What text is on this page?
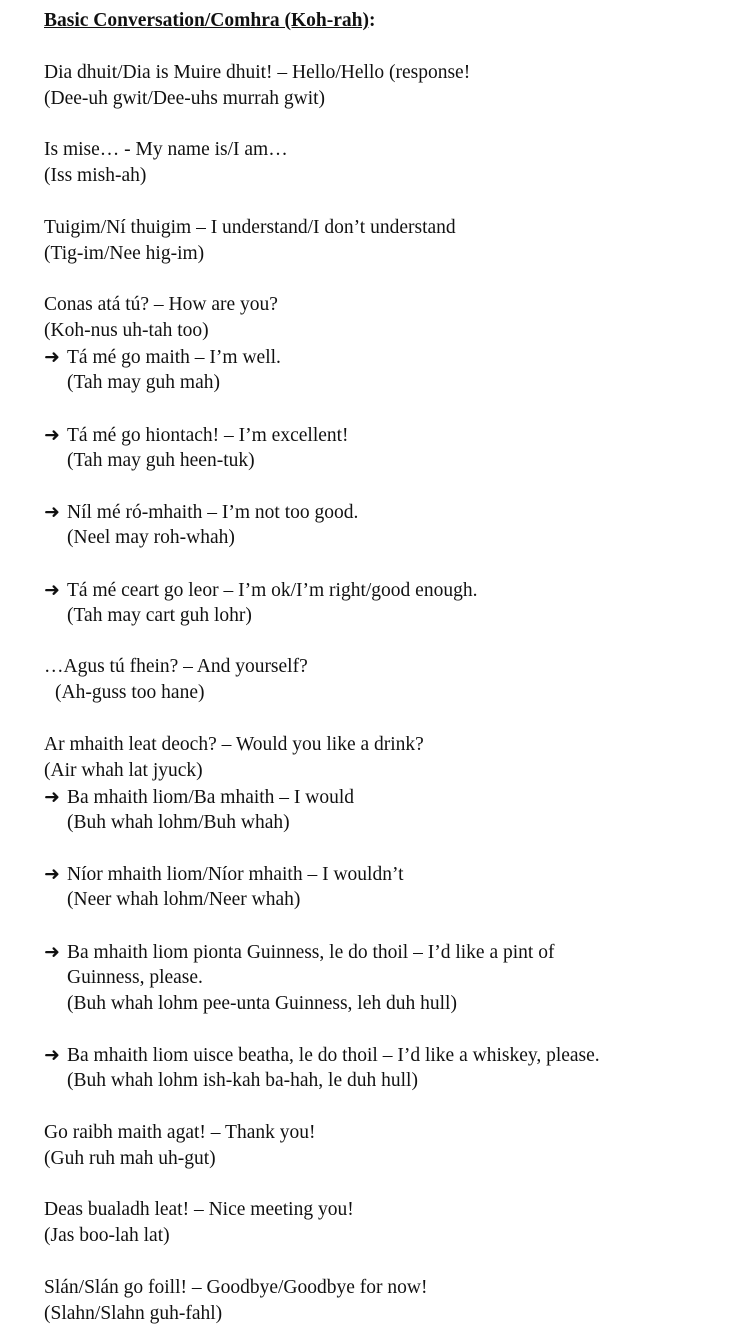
Basic Conversation/Comhra (Koh-rah):
Dia dhuit/Dia is Muire dhuit! – Hello/Hello (response!
(Dee-uh gwit/Dee-uhs murrah gwit)
Is mise… - My name is/I am…
(Iss mish-ah)
Tuigim/Ní thuigim – I understand/I don’t understand
(Tig-im/Nee hig-im)
Conas atá tú? – How are you?
(Koh-nus uh-tah too)
➜ Tá mé go maith – I’m well.
(Tah may guh mah)
➜ Tá mé go hiontach! – I’m excellent!
(Tah may guh heen-tuk)
➜ Níl mé ró-mhaith – I’m not too good.
(Neel may roh-whah)
➜ Tá mé ceart go leor – I’m ok/I’m right/good enough.
(Tah may cart guh lohr)
…Agus tú fhein? – And yourself?
(Ah-guss too hane)
Ar mhaith leat deoch? – Would you like a drink?
(Air whah lat jyuck)
➜ Ba mhaith liom/Ba mhaith – I would
(Buh whah lohm/Buh whah)
➜ Níor mhaith liom/Níor mhaith – I wouldn’t
(Neer whah lohm/Neer whah)
➜ Ba mhaith liom pionta Guinness, le do thoil – I’d like a pint of
Guinness, please.
(Buh whah lohm pee-unta Guinness, leh duh hull)
➜ Ba mhaith liom uisce beatha, le do thoil – I’d like a whiskey, please.
(Buh whah lohm ish-kah ba-hah, le duh hull)
Go raibh maith agat! – Thank you!
(Guh ruh mah uh-gut)
Deas bualadh leat! – Nice meeting you!
(Jas boo-lah lat)
Slán/Slán go foill! – Goodbye/Goodbye for now!
(Slahn/Slahn guh-fahl)
